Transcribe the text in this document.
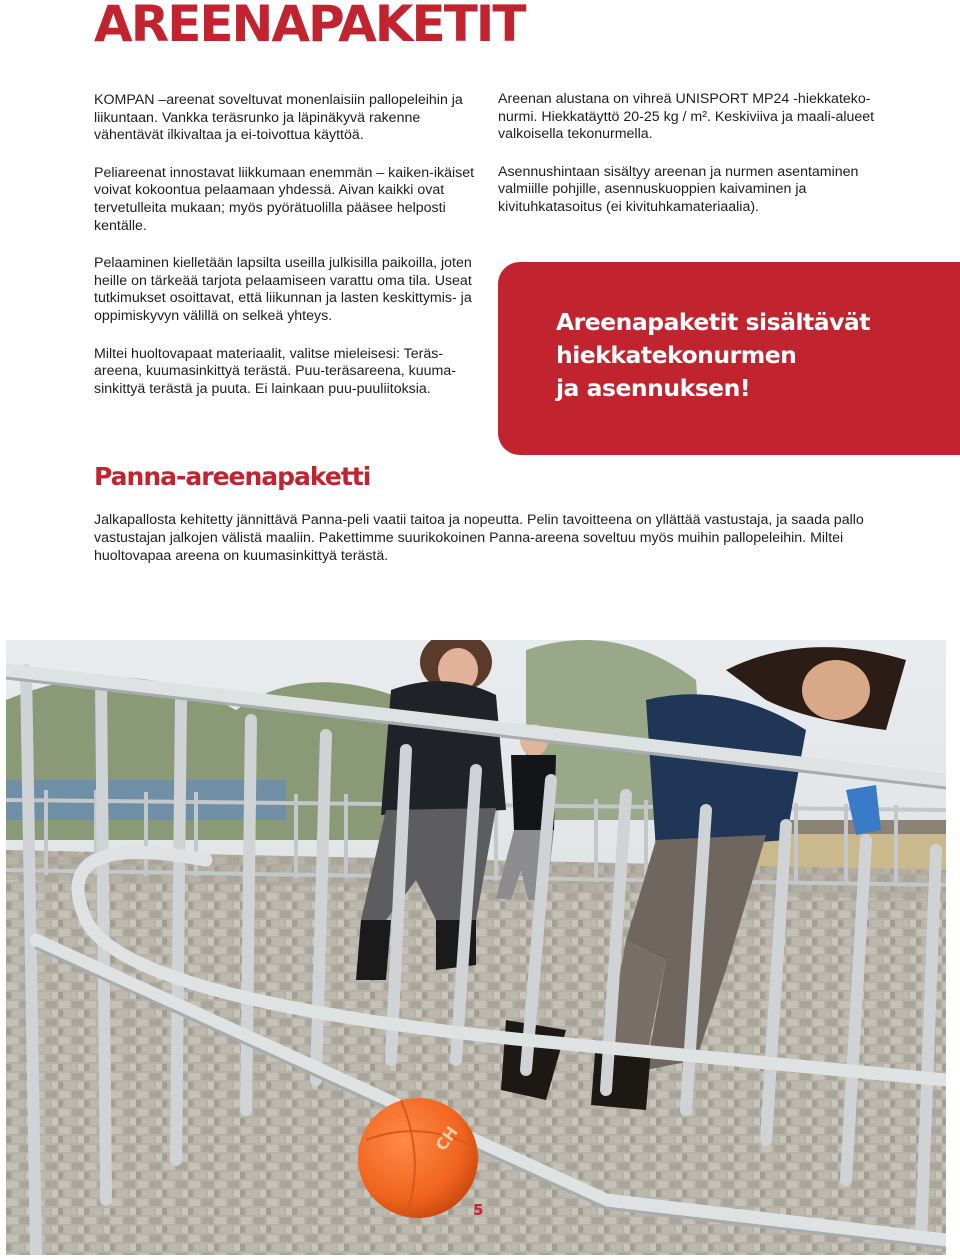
AREENAPAKETIT

KOMPAN –areenat soveltuvat monenlaisiin pallopeleihin ja liikuntaan. Vankka teräsrunko ja läpinäkyvä rakenne vähentävät ilkivaltaa ja ei-toivottua käyttöä.

Peliareenat innostavat liikkumaan enemmän – kaiken-ikäiset voivat kokoontua pelaamaan yhdessä. Aivan kaikki ovat tervetulleita mukaan; myös pyörätuolilla pääsee helposti kentälle.

Pelaaminen kielletään lapsilta useilla julkisilla paikoilla, joten heille on tärkeää tarjota pelaamiseen varattu oma tila. Useat tutkimukset osoittavat, että liikunnan ja lasten keskittymis- ja oppimiskyvyn välillä on selkeä yhteys.

Miltei huoltovapaat materiaalit, valitse mieleisesi: Teräs-areena, kuumasinkittyä terästä. Puu-teräsareena, kuuma-sinkittyä terästä ja puuta. Ei lainkaan puu-puuliitoksia.

Areenan alustana on vihreä UNISPORT MP24 -hiekkateko-nurmi. Hiekkatäyttö 20-25 kg / m². Keskiviiva ja maali-alueet valkoisella tekonurmella.

Asennushintaan sisältyy areenan ja nurmen asentaminen valmiille pohjille, asennuskuoppien kaivaminen ja kivituhkatasoitus (ei kivituhkamateriaalia).

Areenapaketit sisältävät
hiekkatekonurmen
ja asennuksen!

Panna-areenapaketti

Jalkapallosta kehitetty jännittävä Panna-peli vaatii taitoa ja nopeutta. Pelin tavoitteena on yllättää vastustaja, ja saada pallo vastustajan jalkojen välistä maaliin. Pakettimme suurikokoinen Panna-areena soveltuu myös muihin pallopeleihin. Miltei huoltovapaa areena on kuumasinkittyä terästä.

CH
5
